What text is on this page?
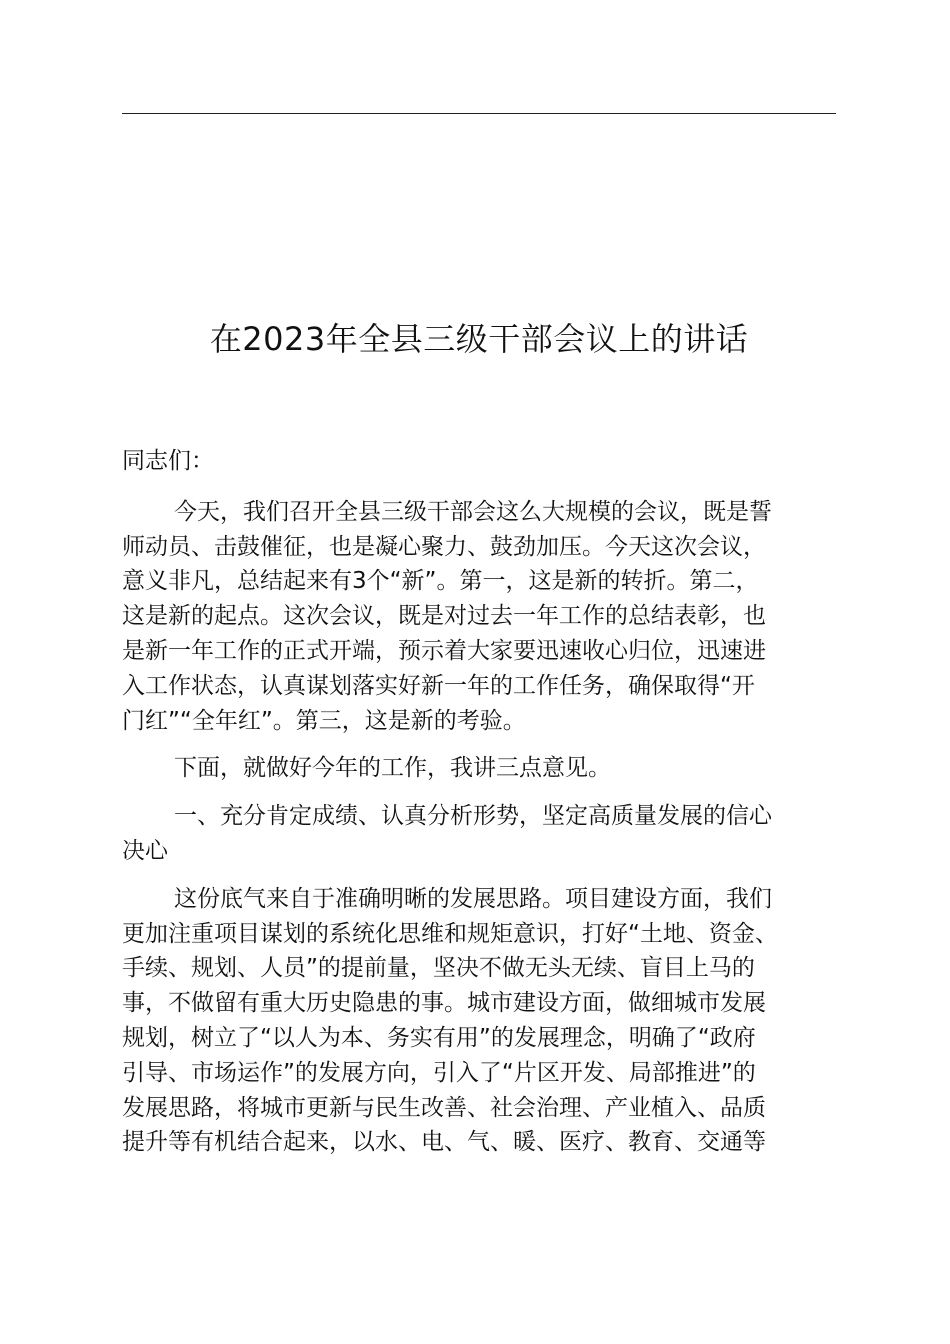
在2023年全县三级干部会议上的讲话
同志们：
今天，我们召开全县三级干部会这么大规模的会议，既是誓
师动员、击鼓催征，也是凝心聚力、鼓劲加压。今天这次会议，
意义非凡，总结起来有3个“新”。第一，这是新的转折。第二，
这是新的起点。这次会议，既是对过去一年工作的总结表彰，也
是新一年工作的正式开端，预示着大家要迅速收心归位，迅速进
入工作状态，认真谋划落实好新一年的工作任务，确保取得“开
门红”“全年红”。第三，这是新的考验。
下面，就做好今年的工作，我讲三点意见。
一、充分肯定成绩、认真分析形势，坚定高质量发展的信心
决心
这份底气来自于准确明晰的发展思路。项目建设方面，我们
更加注重项目谋划的系统化思维和规矩意识，打好“土地、资金、
手续、规划、人员”的提前量，坚决不做无头无续、盲目上马的
事，不做留有重大历史隐患的事。城市建设方面，做细城市发展
规划，树立了“以人为本、务实有用”的发展理念，明确了“政府
引导、市场运作”的发展方向，引入了“片区开发、局部推进”的
发展思路，将城市更新与民生改善、社会治理、产业植入、品质
提升等有机结合起来，以水、电、气、暖、医疗、教育、交通等
